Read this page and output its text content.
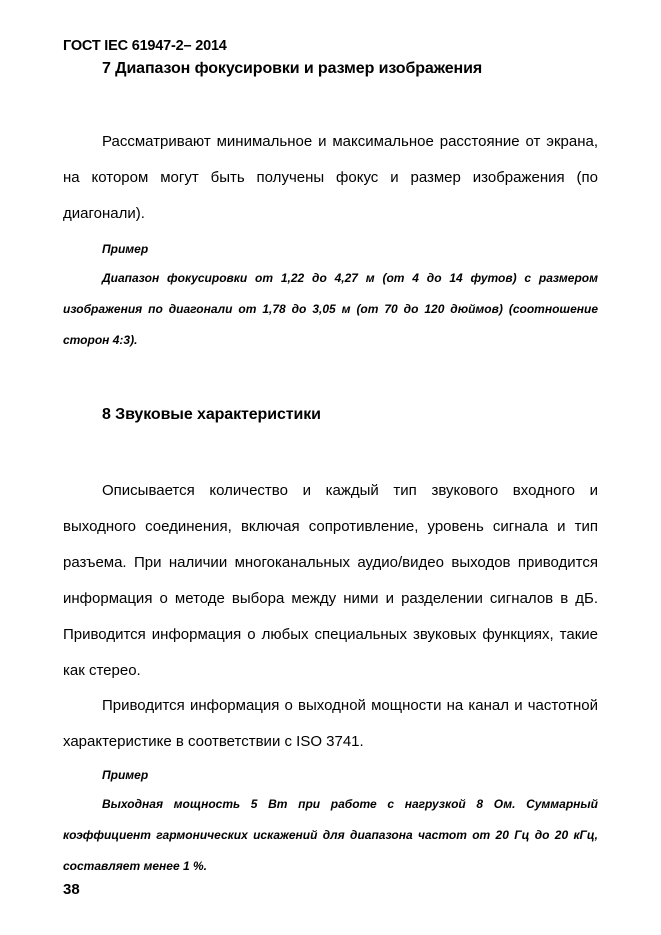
ГОСТ IEC 61947-2– 2014
7 Диапазон фокусировки и размер изображения
Рассматривают минимальное и максимальное расстояние от экрана, на котором могут быть получены фокус и размер изображения (по диагонали).
Пример
Диапазон фокусировки от 1,22 до 4,27 м (от 4 до 14 футов) с размером изображения по диагонали от 1,78 до 3,05 м (от 70 до 120 дюймов) (соотношение сторон 4:3).
8 Звуковые характеристики
Описывается количество и каждый тип звукового входного и выходного соединения, включая сопротивление, уровень сигнала и тип разъема. При наличии многоканальных аудио/видео выходов приводится информация о методе выбора между ними и разделении сигналов в дБ. Приводится информация о любых специальных звуковых функциях, такие как стерео.
Приводится информация о выходной мощности на канал и частотной характеристике в соответствии с ISO 3741.
Пример
Выходная мощность 5 Вт при работе с нагрузкой 8 Ом. Суммарный коэффициент гармонических искажений для диапазона частот от 20 Гц до 20 кГц, составляет менее 1 %.
38
